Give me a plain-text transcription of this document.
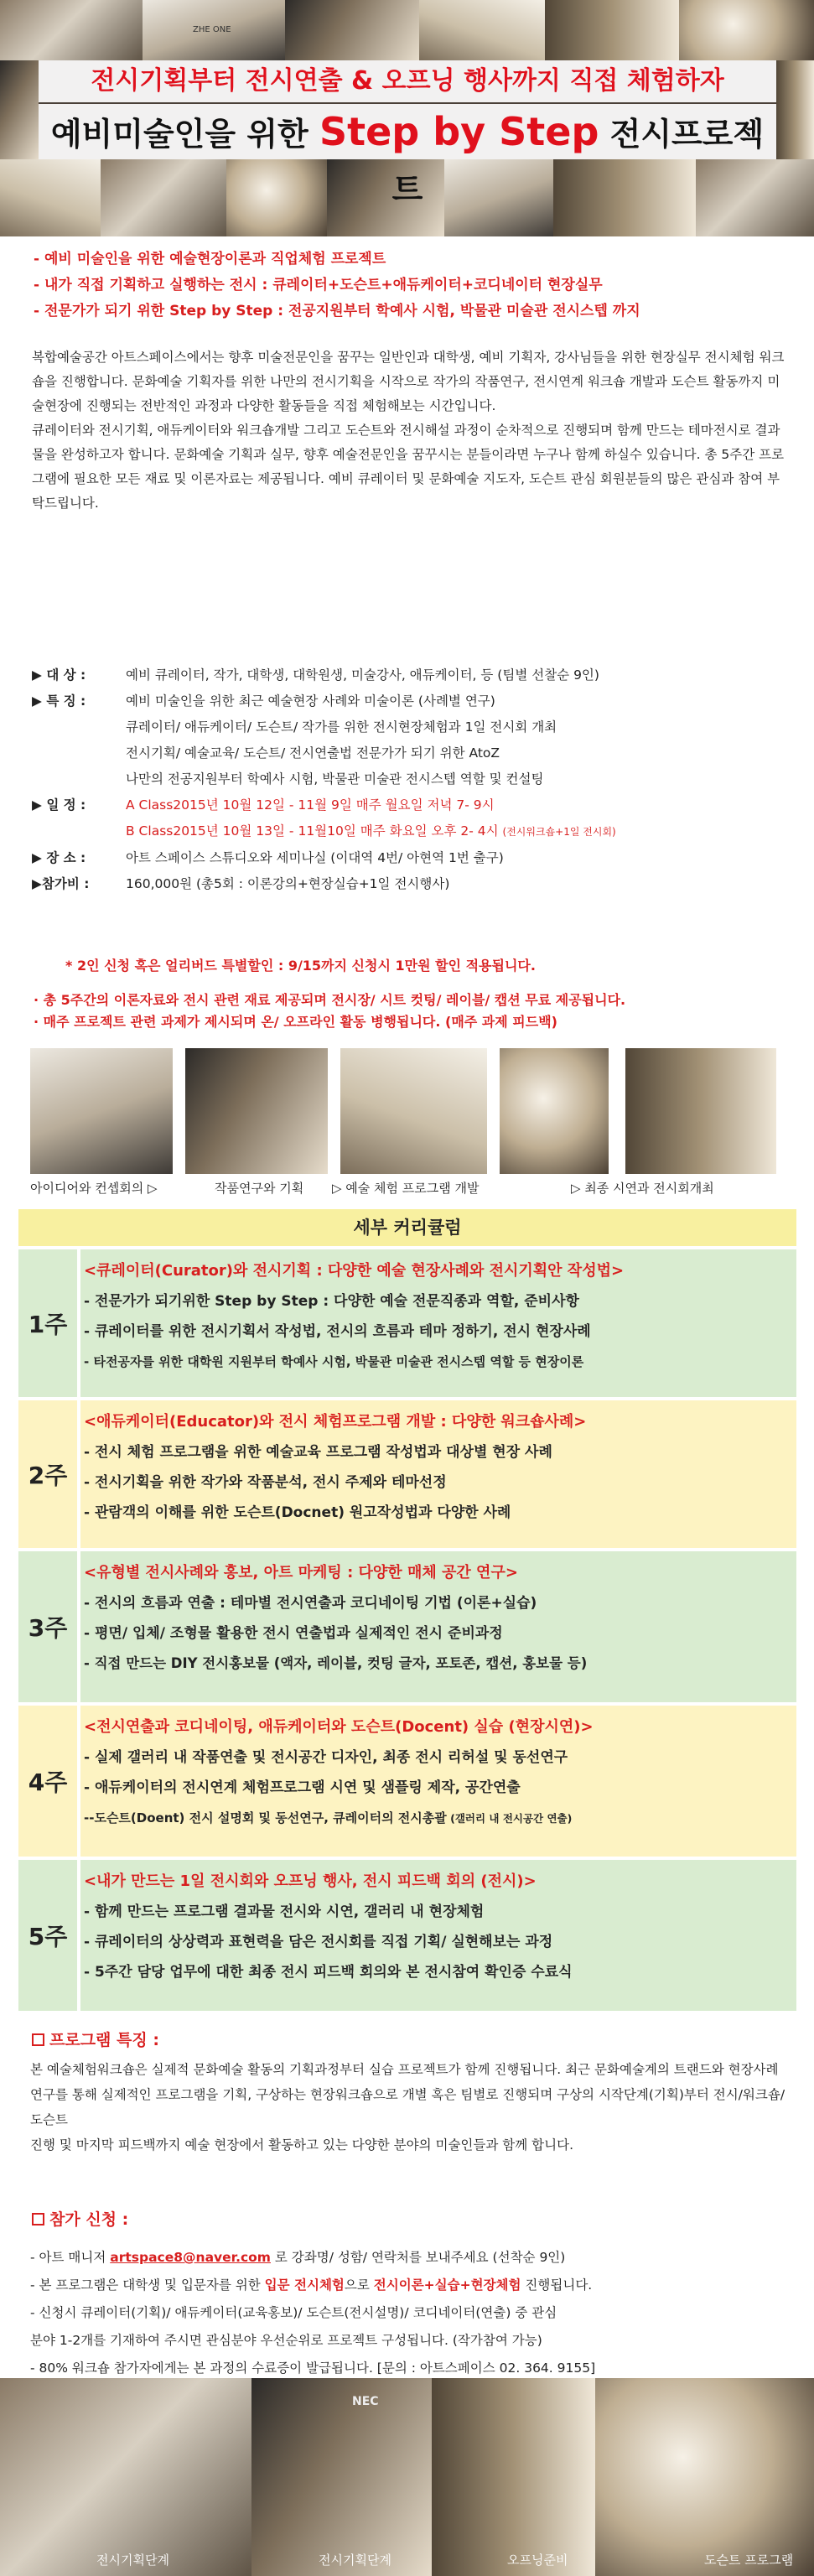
ZHE ONE
전시기획부터 전시연출 & 오프닝 행사까지 직접 체험하자
예비미술인을 위한 Step by Step 전시프로젝트
- 예비 미술인을 위한 예술현장이론과 직업체험 프로젝트
- 내가 직접 기획하고 실행하는 전시 : 큐레이터+도슨트+애듀케이터+코디네이터 현장실무
- 전문가가 되기 위한 Step by Step : 전공지원부터 학예사 시험, 박물관 미술관 전시스텝 까지

복합예술공간 아트스페이스에서는 향후 미술전문인을 꿈꾸는 일반인과 대학생, 예비 기획자, 강사님들을 위한 현장실무 전시체험 워크숍을 진행합니다. 문화예술 기획자를 위한 나만의 전시기획을 시작으로 작가의 작품연구, 전시연계 워크숍 개발과 도슨트 활동까지 미술현장에 진행되는 전반적인 과정과 다양한 활동들을 직접 체험해보는 시간입니다.

큐레이터와 전시기획, 애듀케이터와 워크숍개발 그리고 도슨트와 전시해설 과정이 순차적으로 진행되며 함께 만드는 테마전시로 결과물을 완성하고자 합니다. 문화예술 기획과 실무, 향후 예술전문인을 꿈꾸시는 분들이라면 누구나 함께 하실수 있습니다. 총 5주간 프로그램에 필요한 모든 재료 및 이론자료는 제공됩니다. 예비 큐레이터 및 문화예술 지도자, 도슨트 관심 회원분들의 많은 관심과 참여 부탁드립니다.

▶ 대 상 :	예비 큐레이터, 작가, 대학생, 대학원생, 미술강사, 애듀케이터, 등 (팀별 선찰순 9인)
▶ 특 징 :	예비 미술인을 위한 최근 예술현장 사례와 미술이론 (사례별 연구)
큐레이터/ 애듀케이터/ 도슨트/ 작가를 위한 전시현장체험과 1일 전시회 개최
전시기획/ 예술교육/ 도슨트/ 전시연출법 전문가가 되기 위한 AtoZ
나만의 전공지원부터 학예사 시험, 박물관 미술관 전시스텝 역할 및 컨설팅
▶ 일 정 :	A Class2015년 10월 12일 - 11월 9일 매주 월요일 저녁 7- 9시
B Class2015년 10월 13일 - 11월10일 매주 화요일 오후 2- 4시 (전시워크숍+1일 전시회)
▶ 장 소 :	아트 스페이스 스튜디오와 세미나실 (이대역 4번/ 아현역 1번 출구)
▶참가비 :	160,000원 (총5회 : 이론강의+현장실습+1일 전시행사)
* 2인 신청 혹은 얼리버드 특별할인 : 9/15까지 신청시 1만원 할인 적용됩니다.
· 총 5주간의 이론자료와 전시 관련 재료 제공되며 전시장/ 시트 컷팅/ 레이블/ 캡션 무료 제공됩니다.
· 매주 프로젝트 관련 과제가 제시되며 온/ 오프라인 활동 병행됩니다. (매주 과제 피드백)
아이디어와 컨셉회의 ▷	작품연구와 기획 ▷ 예술 체험 프로그램 개발	▷ 최종 시연과 전시회개최
세부 커리큘럼
1주
<큐레이터(Curator)와 전시기획 : 다양한 예술 현장사례와 전시기획안 작성법>
- 전문가가 되기위한 Step by Step : 다양한 예술 전문직종과 역할, 준비사항
- 큐레이터를 위한 전시기획서 작성법, 전시의 흐름과 테마 정하기, 전시 현장사례
- 타전공자를 위한 대학원 지원부터 학예사 시험, 박물관 미술관 전시스텝 역할 등 현장이론
2주
<애듀케이터(Educator)와 전시 체험프로그램 개발 : 다양한 워크숍사례>
- 전시 체험 프로그램을 위한 예술교육 프로그램 작성법과 대상별 현장 사례
- 전시기획을 위한 작가와 작품분석, 전시 주제와 테마선정
- 관람객의 이해를 위한 도슨트(Docnet) 원고작성법과 다양한 사례
3주
<유형별 전시사례와 홍보, 아트 마케팅 : 다양한 매체 공간 연구>
- 전시의 흐름과 연출 : 테마별 전시연출과 코디네이팅 기법 (이론+실습)
- 평면/ 입체/ 조형물 활용한 전시 연출법과 실제적인 전시 준비과정
- 직접 만드는 DIY 전시홍보물 (액자, 레이블, 컷팅 글자, 포토존, 캡션, 홍보물 등)
4주
<전시연출과 코디네이팅, 애듀케이터와 도슨트(Docent) 실습 (현장시연)>
- 실제 갤러리 내 작품연출 및 전시공간 디자인, 최종 전시 리허설 및 동선연구
- 애듀케이터의 전시연계 체험프로그램 시연 및 샘플링 제작, 공간연출
--도슨트(Doent) 전시 설명회 및 동선연구, 큐레이터의 전시총괄 (갤러리 내 전시공간 연출)
5주
<내가 만드는 1일 전시회와 오프닝 행사, 전시 피드백 회의 (전시)>
- 함께 만드는 프로그램 결과물 전시와 시연, 갤러리 내 현장체험
- 큐레이터의 상상력과 표현력을 담은 전시회를 직접 기획/ 실현해보는 과정
- 5주간 담당 업무에 대한 최종 전시 피드백 회의와 본 전시참여 확인증 수료식
프로그램 특징 :

본 예술체험워크숍은 실제적 문화예술 활동의 기획과정부터 실습 프로젝트가 함께 진행됩니다. 최근 문화예술계의 트랜드와 현장사례 연구를 통해 실제적인 프로그램을 기획, 구상하는 현장워크숍으로 개별 혹은 팀별로 진행되며 구상의 시작단계(기획)부터 전시/워크숍/도슨트

진행 및 마지막 피드백까지 예술 현장에서 활동하고 있는 다양한 분야의 미술인들과 함께 합니다.

참가 신청 :
- 아트 매니저 artspace8@naver.com 로 강좌명/ 성함/ 연락처를 보내주세요 (선착순 9인)
- 본 프로그램은 대학생 및 입문자를 위한 입문 전시체험으로 전시이론+실습+현장체험 진행됩니다.
- 신청시 큐레이터(기획)/ 애듀케이터(교육홍보)/ 도슨트(전시설명)/ 코디네이터(연출) 중 관심
분야 1-2개를 기재하여 주시면 관심분야 우선순위로 프로젝트 구성됩니다. (작가참여 가능)
- 80% 워크숍 참가자에게는 본 과정의 수료증이 발급됩니다. [문의 : 아트스페이스 02. 364. 9155]
NEC
전시기획단계	전시기획단계	오프닝준비	도슨트 프로그램
